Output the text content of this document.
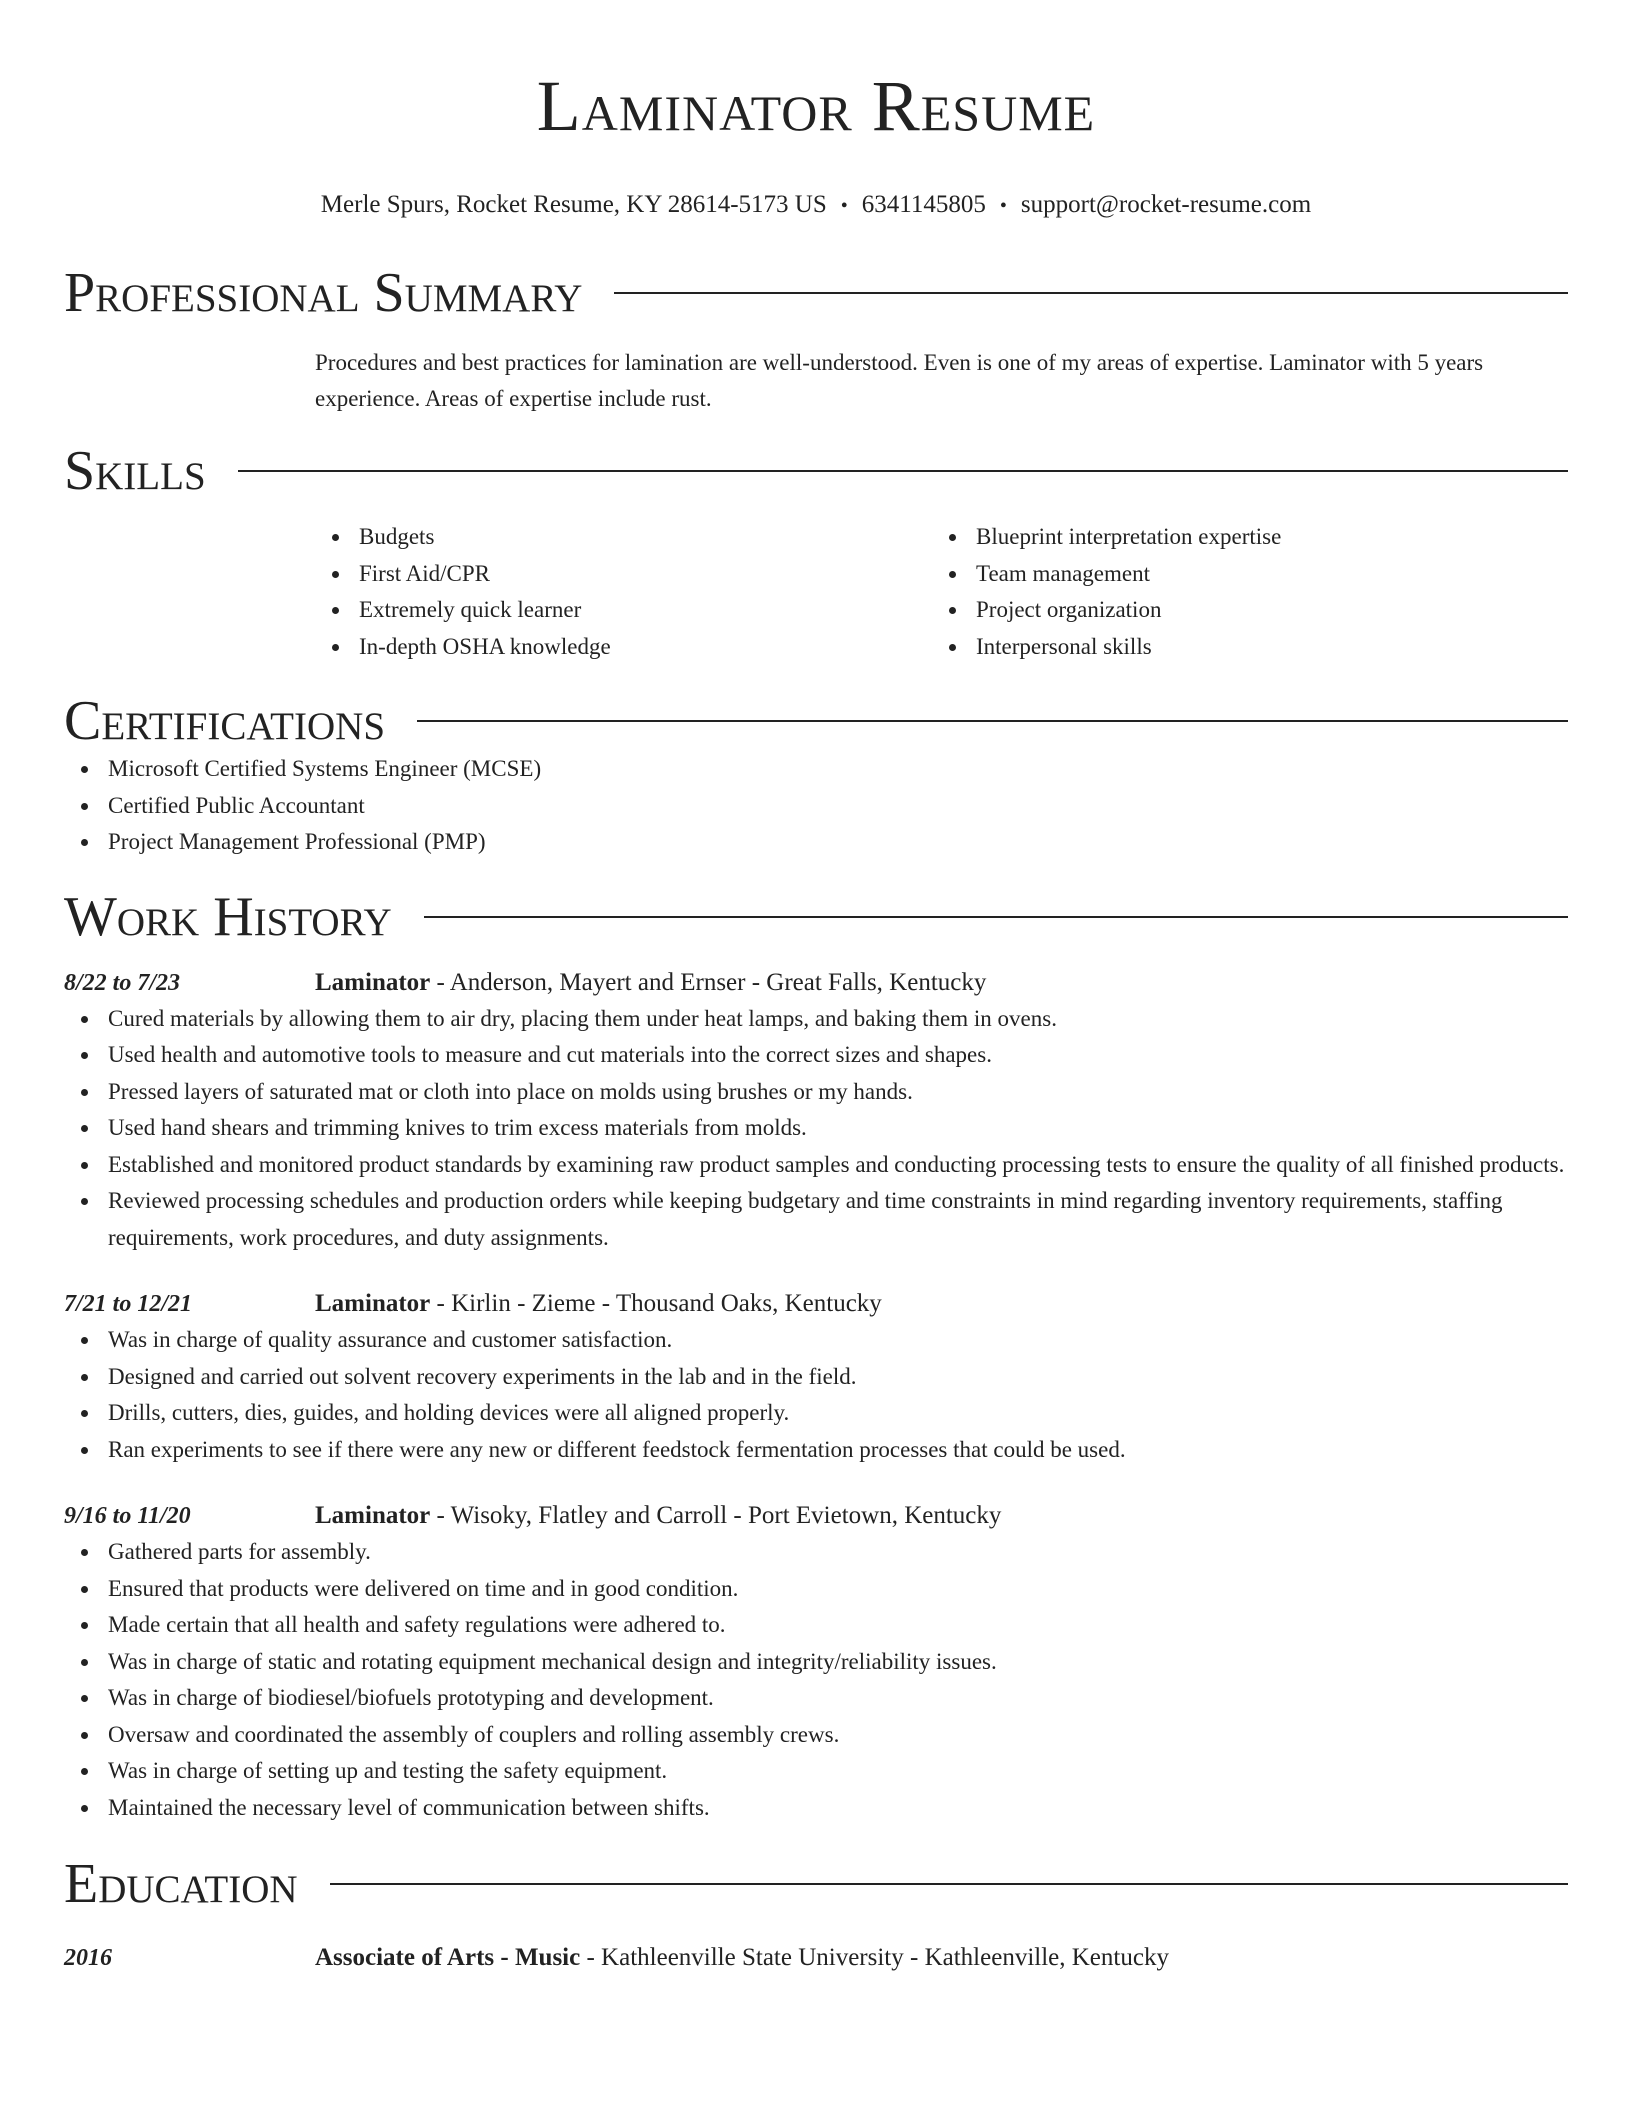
Laminator Resume
Merle Spurs, Rocket Resume, KY 28614-5173 US • 6341145805 • support@rocket-resume.com
Professional Summary

Procedures and best practices for lamination are well-understood. Even is one of my areas of expertise. Laminator with 5 years experience. Areas of expertise include rust.

Skills
Budgets
First Aid/CPR
Extremely quick learner
In-depth OSHA knowledge
Blueprint interpretation expertise
Team management
Project organization
Interpersonal skills
Certifications
Microsoft Certified Systems Engineer (MCSE)
Certified Public Accountant
Project Management Professional (PMP)
Work History
8/22 to 7/23	Laminator - Anderson, Mayert and Ernser - Great Falls, Kentucky
Cured materials by allowing them to air dry, placing them under heat lamps, and baking them in ovens.
Used health and automotive tools to measure and cut materials into the correct sizes and shapes.
Pressed layers of saturated mat or cloth into place on molds using brushes or my hands.
Used hand shears and trimming knives to trim excess materials from molds.
Established and monitored product standards by examining raw product samples and conducting processing tests to ensure the quality of all finished products.
Reviewed processing schedules and production orders while keeping budgetary and time constraints in mind regarding inventory requirements, staffing requirements, work procedures, and duty assignments.
7/21 to 12/21	Laminator - Kirlin - Zieme - Thousand Oaks, Kentucky
Was in charge of quality assurance and customer satisfaction.
Designed and carried out solvent recovery experiments in the lab and in the field.
Drills, cutters, dies, guides, and holding devices were all aligned properly.
Ran experiments to see if there were any new or different feedstock fermentation processes that could be used.
9/16 to 11/20	Laminator - Wisoky, Flatley and Carroll - Port Evietown, Kentucky
Gathered parts for assembly.
Ensured that products were delivered on time and in good condition.
Made certain that all health and safety regulations were adhered to.
Was in charge of static and rotating equipment mechanical design and integrity/reliability issues.
Was in charge of biodiesel/biofuels prototyping and development.
Oversaw and coordinated the assembly of couplers and rolling assembly crews.
Was in charge of setting up and testing the safety equipment.
Maintained the necessary level of communication between shifts.
Education
2016	Associate of Arts - Music - Kathleenville State University - Kathleenville, Kentucky
